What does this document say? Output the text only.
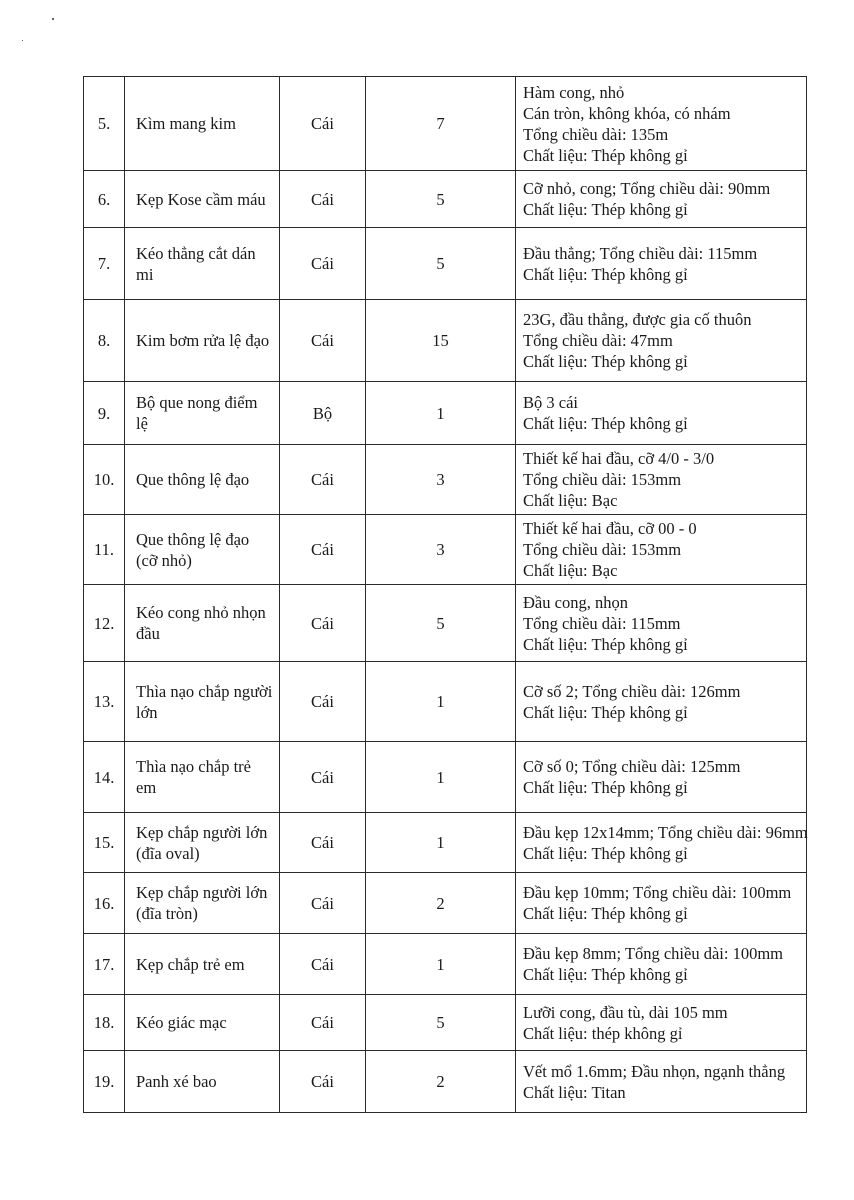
5.	Kìm mang kim	Cái	7	Hàm cong, nhỏ
Cán tròn, không khóa, có nhám
Tổng chiều dài: 135m
Chất liệu: Thép không gỉ

6.	Kẹp Kose cầm máu	Cái	5	Cỡ nhỏ, cong; Tổng chiều dài: 90mm
Chất liệu: Thép không gỉ

7.	Kéo thẳng cắt dán mi	Cái	5	Đầu thẳng; Tổng chiều dài: 115mm
Chất liệu: Thép không gỉ

8.	Kim bơm rửa lệ đạo	Cái	15	23G, đầu thẳng, được gia cố thuôn
Tổng chiều dài: 47mm
Chất liệu: Thép không gỉ

9.	Bộ que nong điểm lệ	Bộ	1	Bộ 3 cái
Chất liệu: Thép không gỉ

10.	Que thông lệ đạo	Cái	3	Thiết kế hai đầu, cỡ 4/0 - 3/0
Tổng chiều dài: 153mm
Chất liệu: Bạc

11.	Que thông lệ đạo (cỡ nhỏ)	Cái	3	Thiết kế hai đầu, cỡ 00 - 0
Tổng chiều dài: 153mm
Chất liệu: Bạc

12.	Kéo cong nhỏ nhọn đầu	Cái	5	Đầu cong, nhọn
Tổng chiều dài: 115mm
Chất liệu: Thép không gỉ

13.	Thìa nạo chắp người lớn	Cái	1	Cỡ số 2; Tổng chiều dài: 126mm
Chất liệu: Thép không gỉ

14.	Thìa nạo chắp trẻ em	Cái	1	Cỡ số 0; Tổng chiều dài: 125mm
Chất liệu: Thép không gỉ

15.	Kẹp chắp người lớn (đĩa oval)	Cái	1	Đầu kẹp 12x14mm; Tổng chiều dài: 96mm
Chất liệu: Thép không gỉ

16.	Kẹp chắp người lớn (đĩa tròn)	Cái	2	Đầu kẹp 10mm; Tổng chiều dài: 100mm
Chất liệu: Thép không gỉ

17.	Kẹp chắp trẻ em	Cái	1	Đầu kẹp 8mm; Tổng chiều dài: 100mm
Chất liệu: Thép không gỉ

18.	Kéo giác mạc	Cái	5	Lưỡi cong, đầu tù, dài 105 mm
Chất liệu: thép không gỉ

19.	Panh xé bao	Cái	2	Vết mổ 1.6mm; Đầu nhọn, ngạnh thẳng
Chất liệu: Titan
